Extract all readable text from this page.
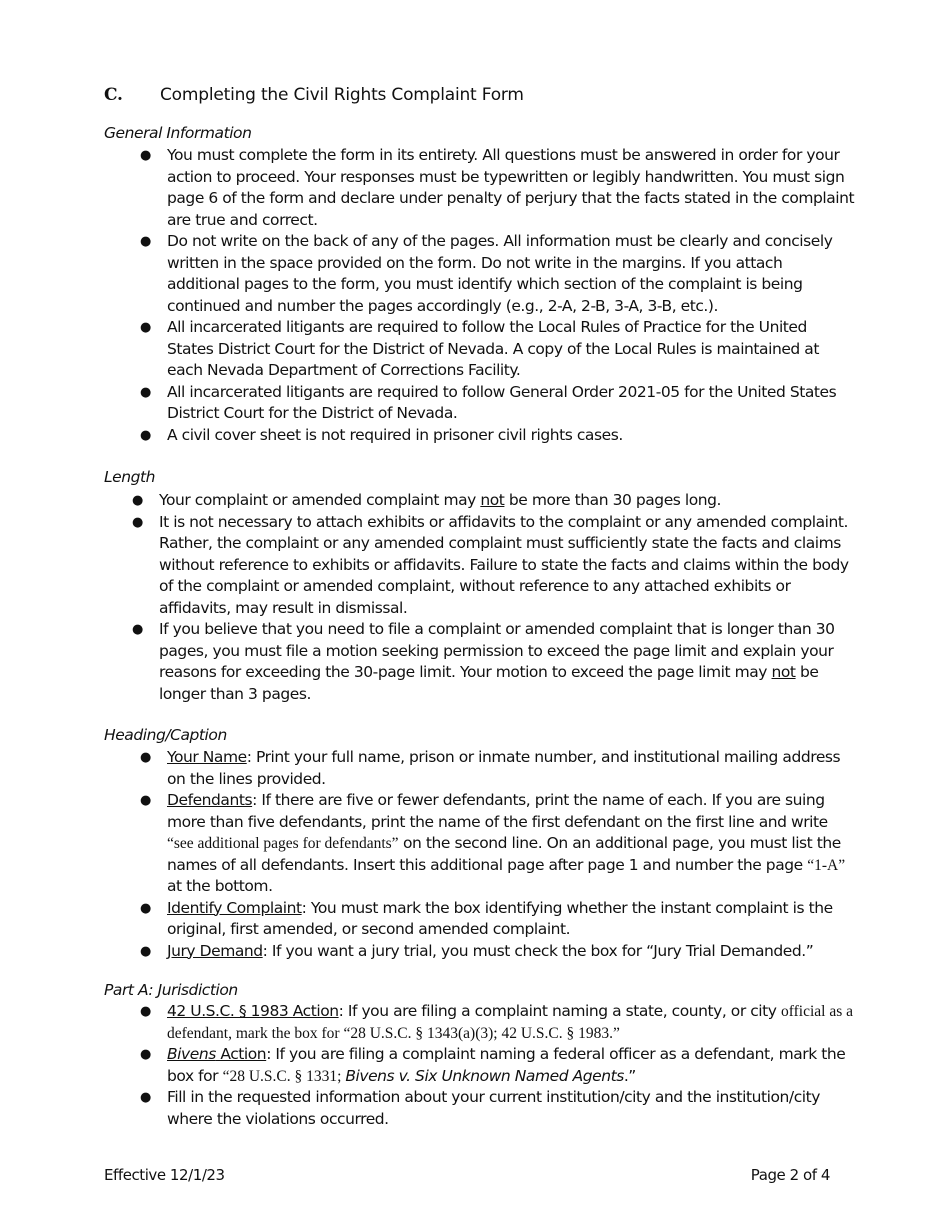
C. Completing the Civil Rights Complaint Form
General Information
● You must complete the form in its entirety. All questions must be answered in order for your action to proceed. Your responses must be typewritten or legibly handwritten. You must sign page 6 of the form and declare under penalty of perjury that the facts stated in the complaint are true and correct.
● Do not write on the back of any of the pages. All information must be clearly and concisely written in the space provided on the form. Do not write in the margins. If you attach additional pages to the form, you must identify which section of the complaint is being continued and number the pages accordingly (e.g., 2-A, 2-B, 3-A, 3-B, etc.).
● All incarcerated litigants are required to follow the Local Rules of Practice for the United States District Court for the District of Nevada. A copy of the Local Rules is maintained at each Nevada Department of Corrections Facility.
● All incarcerated litigants are required to follow General Order 2021-05 for the United States District Court for the District of Nevada.
● A civil cover sheet is not required in prisoner civil rights cases.
Length
● Your complaint or amended complaint may not be more than 30 pages long.
● It is not necessary to attach exhibits or affidavits to the complaint or any amended complaint. Rather, the complaint or any amended complaint must sufficiently state the facts and claims without reference to exhibits or affidavits. Failure to state the facts and claims within the body of the complaint or amended complaint, without reference to any attached exhibits or affidavits, may result in dismissal.
● If you believe that you need to file a complaint or amended complaint that is longer than 30 pages, you must file a motion seeking permission to exceed the page limit and explain your reasons for exceeding the 30-page limit. Your motion to exceed the page limit may not be longer than 3 pages.
Heading/Caption
● Your Name: Print your full name, prison or inmate number, and institutional mailing address on the lines provided.
● Defendants: If there are five or fewer defendants, print the name of each. If you are suing more than five defendants, print the name of the first defendant on the first line and write “see additional pages for defendants” on the second line. On an additional page, you must list the names of all defendants. Insert this additional page after page 1 and number the page “1-A” at the bottom.
● Identify Complaint: You must mark the box identifying whether the instant complaint is the original, first amended, or second amended complaint.
● Jury Demand: If you want a jury trial, you must check the box for “Jury Trial Demanded.”
Part A: Jurisdiction
● 42 U.S.C. § 1983 Action: If you are filing a complaint naming a state, county, or city official as a defendant, mark the box for “28 U.S.C. § 1343(a)(3); 42 U.S.C. § 1983.”
● Bivens Action: If you are filing a complaint naming a federal officer as a defendant, mark the box for “28 U.S.C. § 1331; Bivens v. Six Unknown Named Agents.”
● Fill in the requested information about your current institution/city and the institution/city where the violations occurred.
Effective 12/1/23	Page 2 of 4
